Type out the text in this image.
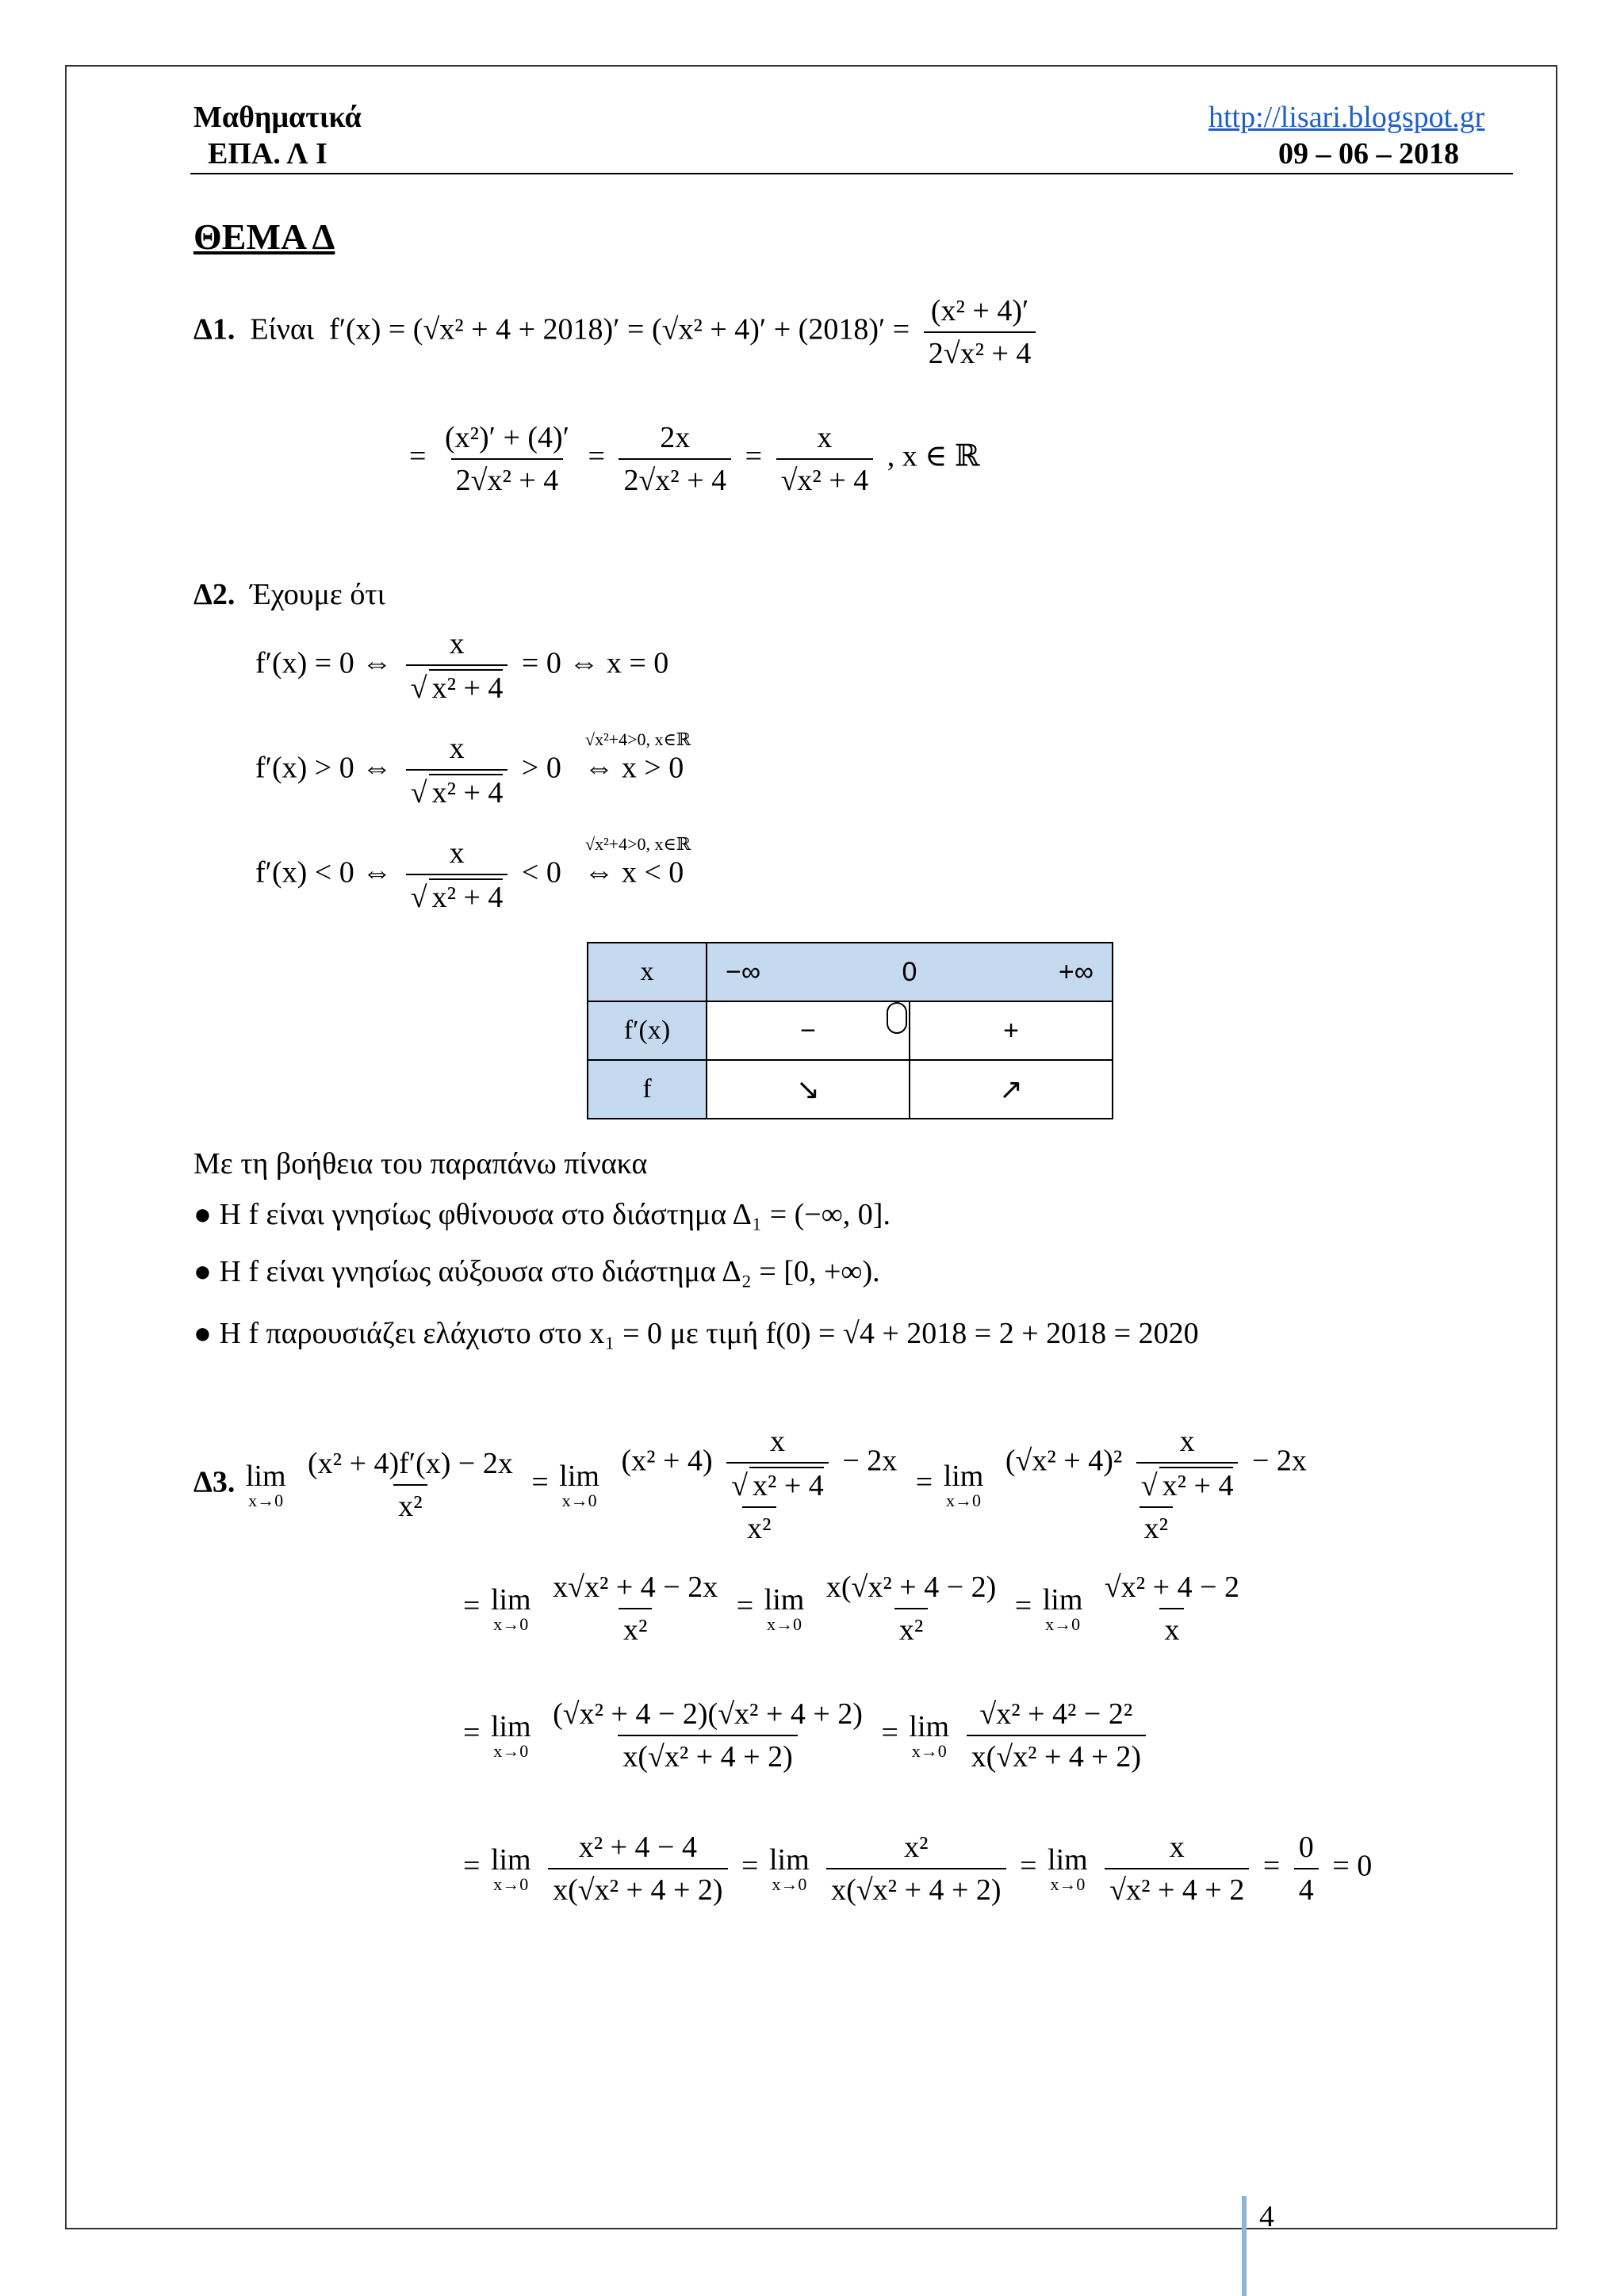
Μαθηματικά
ΕΠΑ. Λ Ι
http://lisari.blogspot.gr
09 – 06 – 2018
ΘΕΜΑ Δ
Δ1. Είναι $f'(x) = (√x^2 + 4 + 2018)' = (√x^2 + 4)' + (2018)' = \frac{\text{(x² + 4)′}}{\text{2√x² + 4}}$
= $\frac{\text{(x²)′ + (4)′}}{\text{2√x² + 4}} = \frac{2x}{\text{2√x² + 4}} = \frac{x}{\text{√x² + 4}}$ , x ∈ ℝ
Δ2. Έχουμε ότι
f′(x) = 0 ⇔ x
√ x² + 4 = 0 ⇔ x = 0
f′(x) > 0 ⇔ x
√ x² + 4 > 0 ⇔ x > 0
√x²+4>0, x∈ℝ
f′(x) < 0 ⇔ x
√ x² + 4 < 0 ⇔ x < 0
√x²+4>0, x∈ℝ
x	−∞ 0 +∞	

f′(x)	−	+
f	↘	↗
Με τη βοήθεια του παραπάνω πίνακα
● Η f είναι γνησίως φθίνουσα στο διάστημα Δ₁ = (−∞, 0].
● Η f είναι γνησίως αύξουσα στο διάστημα Δ₂ = [0, +∞).
● Η f παρουσιάζει ελάχιστο στο x₁ = 0 με τιμή f(0) = √4 + 2018 = 2 + 2018 = 2020
Δ3. lim
x→0
$\frac{\text{(x² + 4)f′(x) − 2x}}{\text{x²}} = \lim$
x→0
(x² + 4) x
√ x² + 4 − 2x
x² = lim
x→0
(√x² + 4)² x
√ x² + 4 − 2x
x²
= lim
x→0
$\frac{\text{x√x² + 4 − 2x}}{\text{x²}} = \lim$
x→0
$\frac{\text{x(√x² + 4 − 2)}}{\text{x²}} = \lim$
x→0
$\frac{\text{√x² + 4 − 2}}{x}$
= lim
x→0
$\frac{\text{(√x² + 4 − 2)(√x² + 4 + 2)}}{\text{x(√x² + 4 + 2)}} = \lim$
x→0
$\frac{\text{√x² + 4² − 2²}}{\text{x(√x² + 4 + 2)}}$
= lim
x→0
$\frac{\text{x² + 4 − 4}}{\text{x(√x² + 4 + 2)}} = \lim$
x→0
$\frac{\text{x²}}{\text{x(√x² + 4 + 2)}} = \lim$
x→0
$\frac{x}{\text{√x² + 4 + 2}} = \frac{0}{4} = 0$
4
